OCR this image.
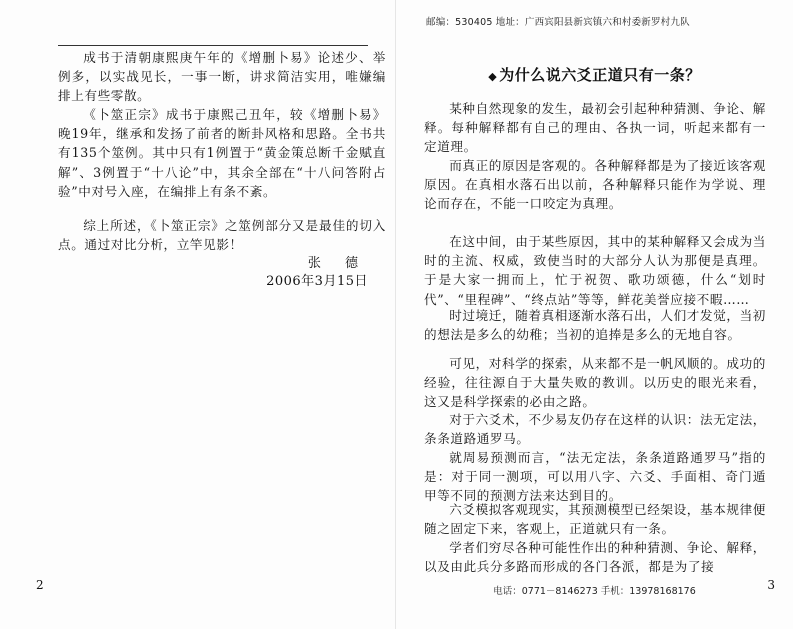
成书于清朝康熙庚午年的《增删卜易》论述少、举例多，以实战见长，一事一断，讲求简洁实用，唯嫌编排上有些零散。

《卜筮正宗》成书于康熙己丑年，较《增删卜易》晚19年，继承和发扬了前者的断卦风格和思路。全书共有135个筮例。其中只有1例置于“黄金策总断千金赋直解”、3例置于“十八论”中，其余全部在“十八问答附占验”中对号入座，在编排上有条不紊。

综上所述，《卜筮正宗》之筮例部分又是最佳的切入点。通过对比分析，立竿见影！

张 德
2006年3月15日
2
邮编：530405 地址：广西宾阳县新宾镇六和村委新罗村九队
◆ 为什么说六爻正道只有一条？

某种自然现象的发生，最初会引起种种猜测、争论、解释。每种解释都有自己的理由、各执一词，听起来都有一定道理。

而真正的原因是客观的。各种解释都是为了接近该客观原因。在真相水落石出以前，各种解释只能作为学说、理论而存在，不能一口咬定为真理。

在这中间，由于某些原因，其中的某种解释又会成为当时的主流、权威，致使当时的大部分人认为那便是真理。于是大家一拥而上，忙于祝贺、歌功颂德，什么“划时代”、“里程碑”、“终点站”等等，鲜花美誉应接不暇……

时过境迁，随着真相逐渐水落石出，人们才发觉，当初的想法是多么的幼稚；当初的追捧是多么的无地自容。

可见，对科学的探索，从来都不是一帆风顺的。成功的经验，往往源自于大量失败的教训。以历史的眼光来看，这又是科学探索的必由之路。

对于六爻术，不少易友仍存在这样的认识：法无定法，条条道路通罗马。

就周易预测而言，“法无定法，条条道路通罗马”指的是：对于同一测项，可以用八字、六爻、手面相、奇门遁甲等不同的预测方法来达到目的。

六爻模拟客观现实，其预测模型已经架设，基本规律便随之固定下来，客观上，正道就只有一条。

学者们穷尽各种可能性作出的种种猜测、争论、解释，以及由此兵分多路而形成的各门各派，都是为了接

3
电话：0771－8146273 手机：13978168176
